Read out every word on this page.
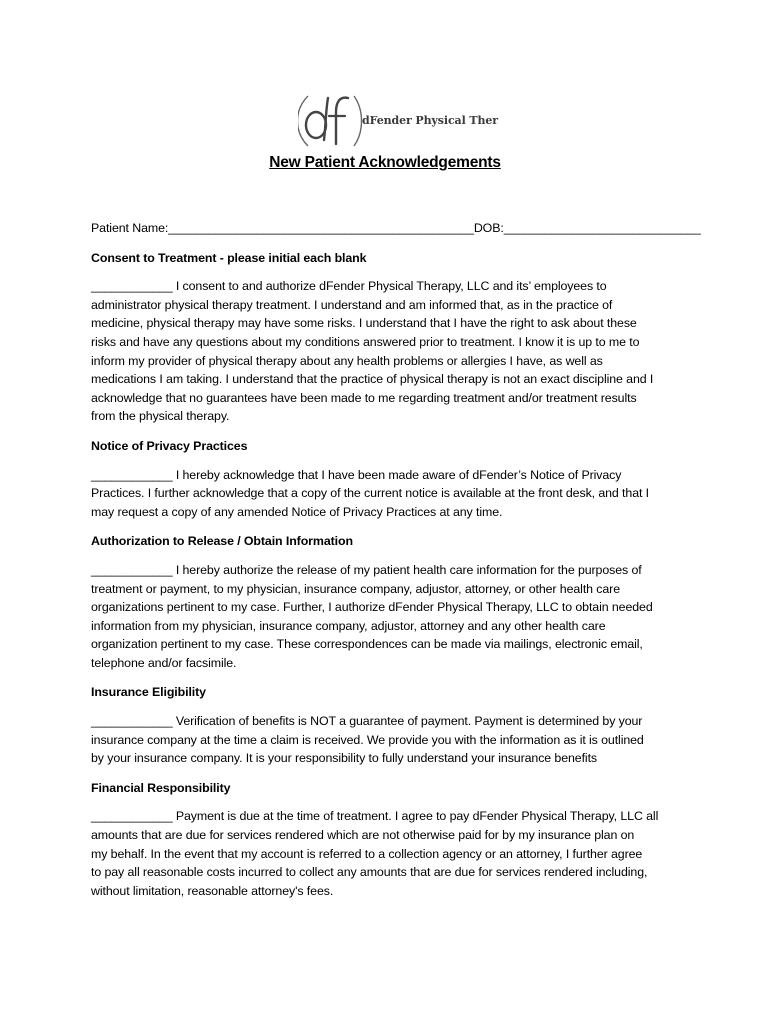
dFender Physical Ther
New Patient Acknowledgements
Patient Name:_____________________________________________ DOB:_____________________________
Consent to Treatment - please initial each blank

____________ I consent to and authorize dFender Physical Therapy, LLC and its’ employees to

administrator physical therapy treatment. I understand and am informed that, as in the practice of

medicine, physical therapy may have some risks. I understand that I have the right to ask about these

risks and have any questions about my conditions answered prior to treatment. I know it is up to me to

inform my provider of physical therapy about any health problems or allergies I have, as well as

medications I am taking. I understand that the practice of physical therapy is not an exact discipline and I

acknowledge that no guarantees have been made to me regarding treatment and/or treatment results

from the physical therapy.

Notice of Privacy Practices

____________ I hereby acknowledge that I have been made aware of dFender’s Notice of Privacy

Practices. I further acknowledge that a copy of the current notice is available at the front desk, and that I

may request a copy of any amended Notice of Privacy Practices at any time.

Authorization to Release / Obtain Information

____________ I hereby authorize the release of my patient health care information for the purposes of

treatment or payment, to my physician, insurance company, adjustor, attorney, or other health care

organizations pertinent to my case. Further, I authorize dFender Physical Therapy, LLC to obtain needed

information from my physician, insurance company, adjustor, attorney and any other health care

organization pertinent to my case. These correspondences can be made via mailings, electronic email,

telephone and/or facsimile.

Insurance Eligibility

____________ Verification of benefits is NOT a guarantee of payment. Payment is determined by your

insurance company at the time a claim is received. We provide you with the information as it is outlined

by your insurance company. It is your responsibility to fully understand your insurance benefits

Financial Responsibility

____________ Payment is due at the time of treatment. I agree to pay dFender Physical Therapy, LLC all

amounts that are due for services rendered which are not otherwise paid for by my insurance plan on

my behalf. In the event that my account is referred to a collection agency or an attorney, I further agree

to pay all reasonable costs incurred to collect any amounts that are due for services rendered including,

without limitation, reasonable attorney's fees.
